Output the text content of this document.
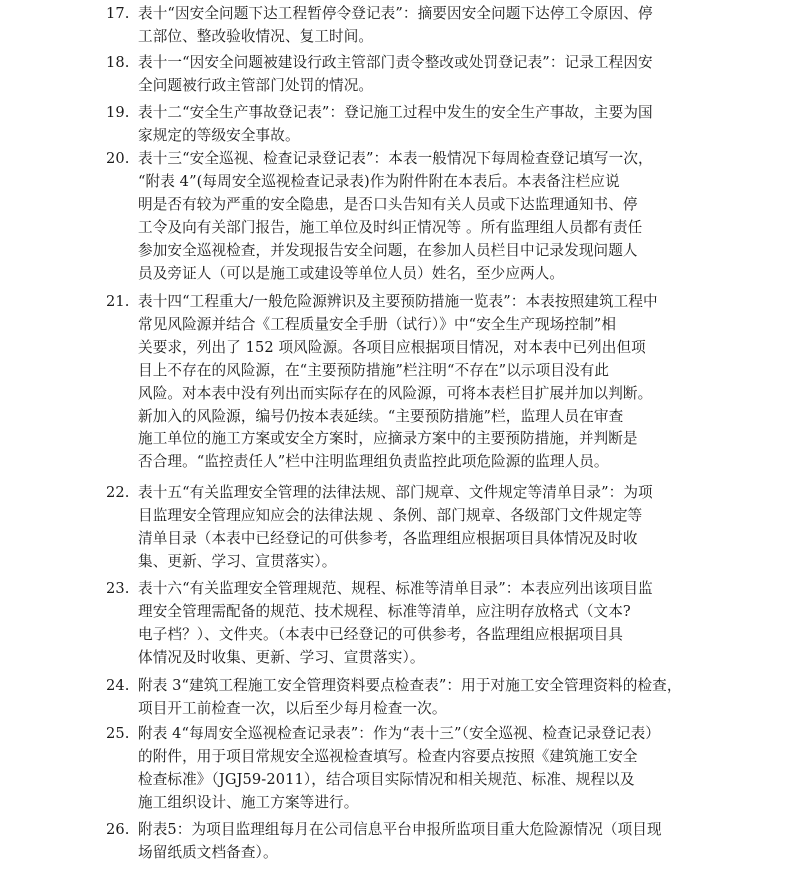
17. 表十“因安全问题下达工程暂停令登记表”：摘要因安全问题下达停工令原因、停
工部位、整改验收情况、复工时间。
18. 表十一“因安全问题被建设行政主管部门责令整改或处罚登记表”：记录工程因安
全问题被行政主管部门处罚的情况。
19. 表十二“安全生产事故登记表”：登记施工过程中发生的安全生产事故，主要为国
家规定的等级安全事故。
20. 表十三“安全巡视、检查记录登记表”：本表一般情况下每周检查登记填写一次，
“附表 4”(每周安全巡视检查记录表)作为附件附在本表后。本表备注栏应说
明是否有较为严重的安全隐患，是否口头告知有关人员或下达监理通知书、停
工令及向有关部门报告，施工单位及时纠正情况等 。所有监理组人员都有责任
参加安全巡视检查，并发现报告安全问题，在参加人员栏目中记录发现问题人
员及旁证人（可以是施工或建设等单位人员）姓名，至少应两人。
21. 表十四“工程重大/一般危险源辨识及主要预防措施一览表”：本表按照建筑工程中
常见风险源并结合《工程质量安全手册（试行）》中“安全生产现场控制”相
关要求，列出了 152 项风险源。各项目应根据项目情况，对本表中已列出但项
目上不存在的风险源，在“主要预防措施”栏注明“不存在”以示项目没有此
风险。对本表中没有列出而实际存在的风险源，可将本表栏目扩展并加以判断。
新加入的风险源，编号仍按本表延续。“主要预防措施”栏，监理人员在审查
施工单位的施工方案或安全方案时，应摘录方案中的主要预防措施，并判断是
否合理。“监控责任人”栏中注明监理组负责监控此项危险源的监理人员。
22. 表十五“有关监理安全管理的法律法规、部门规章、文件规定等清单目录”：为项
目监理安全管理应知应会的法律法规 、条例、部门规章、各级部门文件规定等
清单目录（本表中已经登记的可供参考，各监理组应根据项目具体情况及时收
集、更新、学习、宣贯落实）。
23. 表十六“有关监理安全管理规范、规程、标准等清单目录”：本表应列出该项目监
理安全管理需配备的规范、技术规程、标准等清单，应注明存放格式（文本?
电子档？）、文件夹。（本表中已经登记的可供参考，各监理组应根据项目具
体情况及时收集、更新、学习、宣贯落实）。
24. 附表 3“建筑工程施工安全管理资料要点检查表”：用于对施工安全管理资料的检查，
项目开工前检查一次，以后至少每月检查一次。
25. 附表 4“每周安全巡视检查记录表”：作为“表十三”（安全巡视、检查记录登记表）
的附件，用于项目常规安全巡视检查填写。检查内容要点按照《建筑施工安全
检查标准》（JGJ59-2011），结合项目实际情况和相关规范、标准、规程以及
施工组织设计、施工方案等进行。
26. 附表5：为项目监理组每月在公司信息平台申报所监项目重大危险源情况（项目现
场留纸质文档备查）。
